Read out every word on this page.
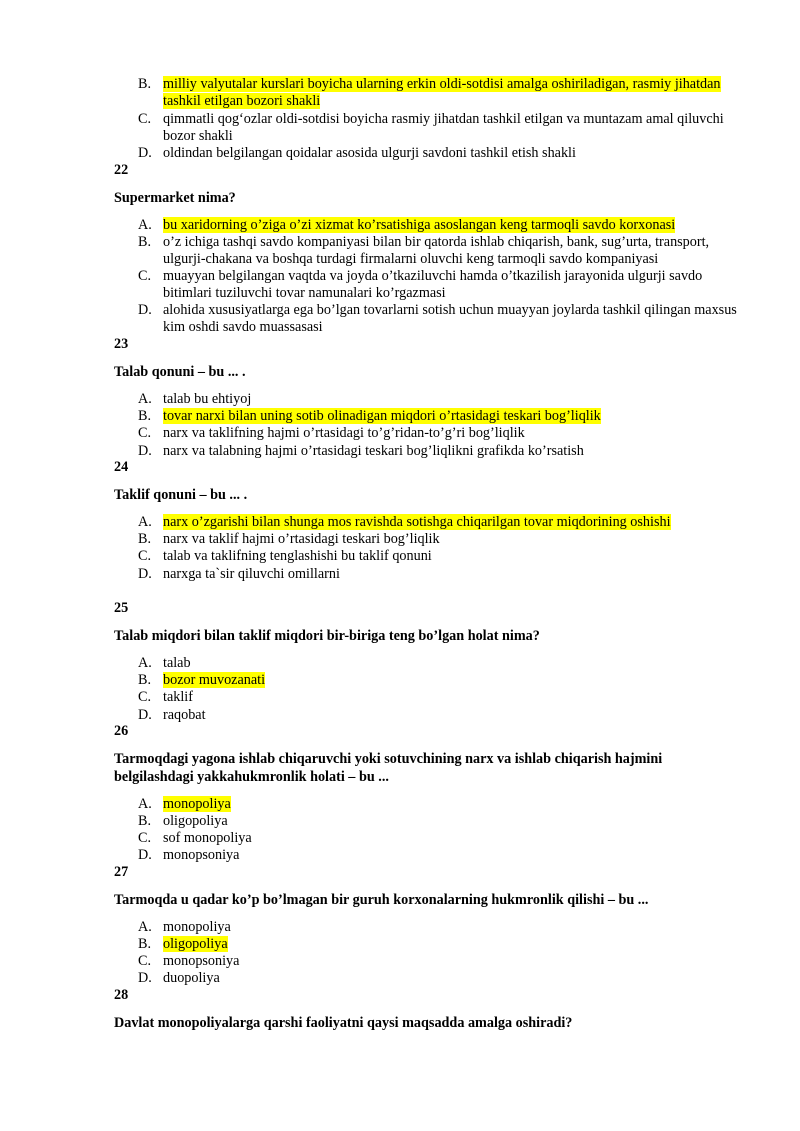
B. milliy valyutalar kurslari boyicha ularning erkin oldi-sotdisi amalga oshiriladigan, rasmiy jihatdan tashkil etilgan bozori shakli
C. qimmatli qog‘ozlar oldi-sotdisi boyicha rasmiy jihatdan tashkil etilgan va muntazam amal qiluvchi bozor shakli
D. oldindan belgilangan qoidalar asosida ulgurji savdoni tashkil etish shakli
22
Supermarket nima?
A. bu xaridorning o’ziga o’zi xizmat ko’rsatishiga asoslangan keng tarmoqli savdo korxonasi
B. o’z ichiga tashqi savdo kompaniyasi bilan bir qatorda ishlab chiqarish, bank, sug’urta, transport, ulgurji-chakana va boshqa turdagi firmalarni oluvchi keng tarmoqli savdo kompaniyasi
C. muayyan belgilangan vaqtda va joyda o’tkaziluvchi hamda o’tkazilish jarayonida ulgurji savdo bitimlari tuziluvchi tovar namunalari ko’rgazmasi
D. alohida xususiyatlarga ega bo’lgan tovarlarni sotish uchun muayyan joylarda tashkil qilingan maxsus kim oshdi savdo muassasasi
23
Talab qonuni – bu ... .
A. talab bu ehtiyoj
B. tovar narxi bilan uning sotib olinadigan miqdori o’rtasidagi teskari bog’liqlik
C. narx va taklifning hajmi o’rtasidagi to’g’ridan-to’g’ri bog’liqlik
D. narx va talabning hajmi o’rtasidagi teskari bog’liqlikni grafikda ko’rsatish
24
Taklif qonuni – bu ... .
A. narx o’zgarishi bilan shunga mos ravishda sotishga chiqarilgan tovar miqdorining oshishi
B. narx va taklif hajmi o’rtasidagi teskari bog’liqlik
C. talab va taklifning tenglashishi bu taklif qonuni
D. narxga ta`sir qiluvchi omillarni
25
Talab miqdori bilan taklif miqdori bir-biriga teng bo’lgan holat nima?
A. talab
B. bozor muvozanati
C. taklif
D. raqobat
26
Tarmoqdagi yagona ishlab chiqaruvchi yoki sotuvchining narx va ishlab chiqarish hajmini belgilashdagi yakkahukmronlik holati – bu ...
A. monopoliya
B. oligopoliya
C. sof monopoliya
D. monopsoniya
27
Tarmoqda u qadar ko’p bo’lmagan bir guruh korxonalarning hukmronlik qilishi – bu ...
A. monopoliya
B. oligopoliya
C. monopsoniya
D. duopoliya
28
Davlat monopoliyalarga qarshi faoliyatni qaysi maqsadda amalga oshiradi?
